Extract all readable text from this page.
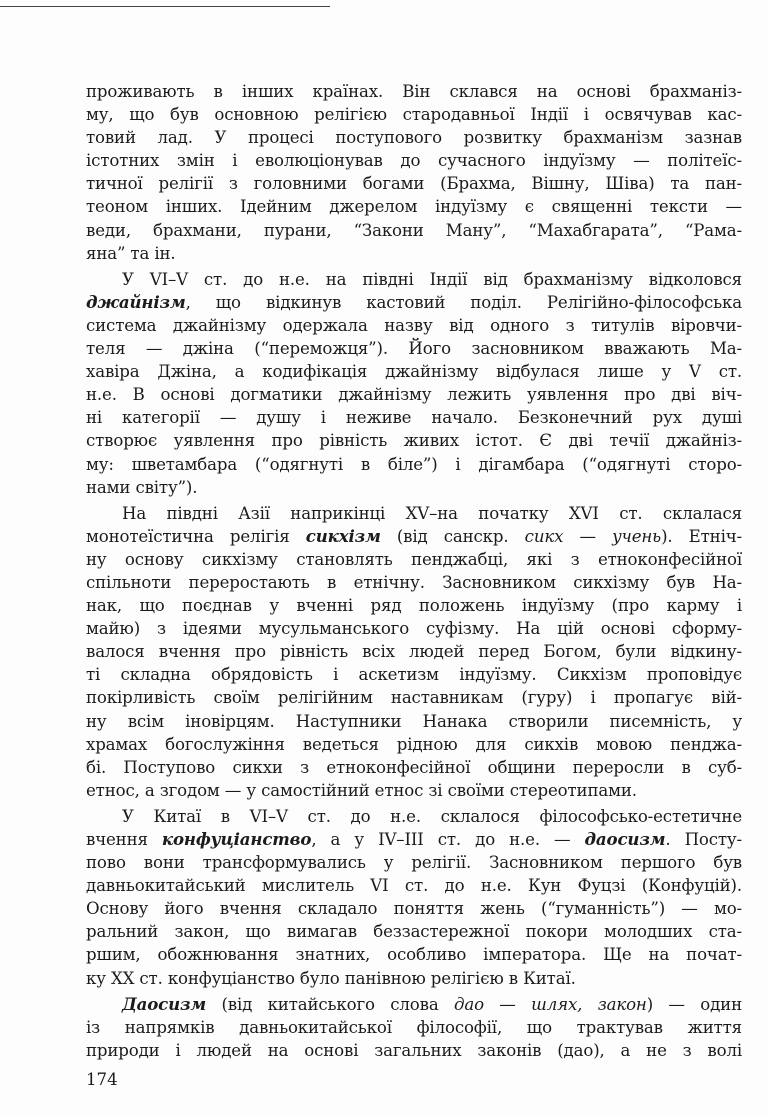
проживають в інших країнах. Він склався на основі брахманіз-
му, що був основною релігією стародавньої Індії і освячував кас-
товий лад. У процесі поступового розвитку брахманізм зазнав
істотних змін і еволюціонував до сучасного індуїзму — політеїс-
тичної релігії з головними богами (Брахма, Вішну, Шіва) та пан-
теоном інших. Ідейним джерелом індуїзму є священні тексти —
веди, брахмани, пурани, “Закони Ману”, “Махабгарата”, “Рама-
яна” та ін.
У VI–V ст. до н.е. на півдні Індії від брахманізму відколовся
джайнізм, що відкинув кастовий поділ. Релігійно-філософська
система джайнізму одержала назву від одного з титулів віровчи-
теля — джіна (“переможця”). Його засновником вважають Ма-
хавіра Джіна, а кодифікація джайнізму відбулася лише у V ст.
н.е. В основі догматики джайнізму лежить уявлення про дві віч-
ні категорії — душу і неживе начало. Безконечний рух душі
створює уявлення про рівність живих істот. Є дві течії джайніз-
му: шветамбара (“одягнуті в біле”) і дігамбара (“одягнуті сторо-
нами світу”).
На півдні Азії наприкінці XV–на початку XVI ст. склалася
монотеїстична релігія сикхізм (від санскр. сикх — учень). Етніч-
ну основу сикхізму становлять пенджабці, які з етноконфесійної
спільноти переростають в етнічну. Засновником сикхізму був На-
нак, що поєднав у вченні ряд положень індуїзму (про карму і
майю) з ідеями мусульманського суфізму. На цій основі сформу-
валося вчення про рівність всіх людей перед Богом, були відкину-
ті складна обрядовість і аскетизм індуїзму. Сикхізм проповідує
покірливість своїм релігійним наставникам (гуру) і пропагує вій-
ну всім іновірцям. Наступники Нанака створили писемність, у
храмах богослужіння ведеться рідною для сикхів мовою пенджа-
бі. Поступово сикхи з етноконфесійної общини переросли в суб-
етнос, а згодом — у самостійний етнос зі своїми стереотипами.
У Китаї в VI–V ст. до н.е. склалося філософсько-естетичне
вчення конфуціанство, а у IV–III ст. до н.е. — даосизм. Посту-
пово вони трансформувались у релігії. Засновником першого був
давньокитайський мислитель VI ст. до н.е. Кун Фуцзі (Конфуцій).
Основу його вчення складало поняття жень (“гуманність”) — мо-
ральний закон, що вимагав беззастережної покори молодших ста-
ршим, обожнювання знатних, особливо імператора. Ще на почат-
ку XX ст. конфуціанство було панівною релігією в Китаї.
Даосизм (від китайського слова дао — шлях, закон) — один
із напрямків давньокитайської філософії, що трактував життя
природи і людей на основі загальних законів (дао), а не з волі
174
